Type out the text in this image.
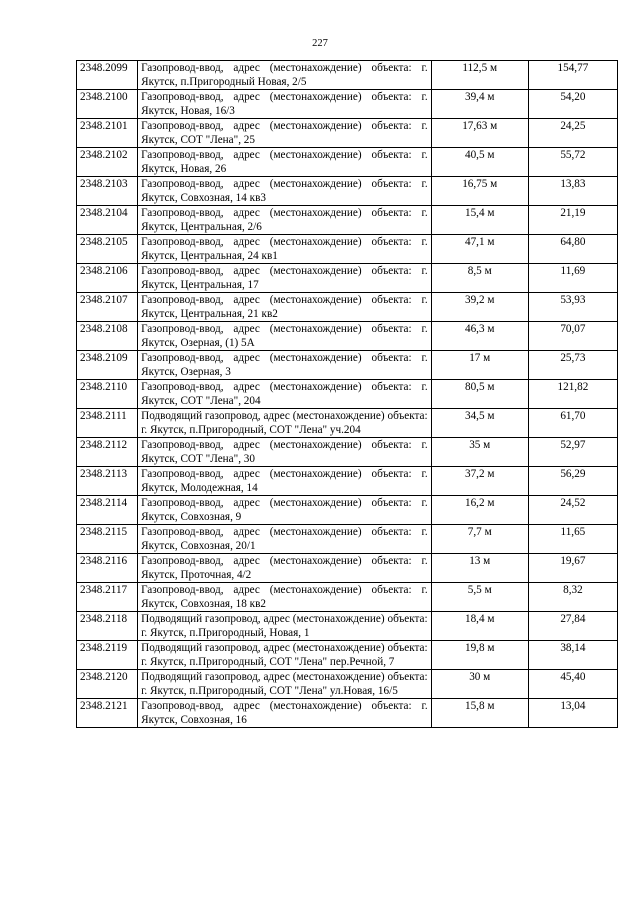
227
2348.2099	Газопровод-ввод, адрес (местонахождение) объекта: г. Якутск, п.Пригородный Новая, 2/5	112,5 м	154,77
2348.2100	Газопровод-ввод, адрес (местонахождение) объекта: г. Якутск, Новая, 16/3	39,4 м	54,20
2348.2101	Газопровод-ввод, адрес (местонахождение) объекта: г. Якутск, СОТ "Лена", 25	17,63 м	24,25
2348.2102	Газопровод-ввод, адрес (местонахождение) объекта: г. Якутск, Новая, 26	40,5 м	55,72
2348.2103	Газопровод-ввод, адрес (местонахождение) объекта: г. Якутск, Совхозная, 14 кв3	16,75 м	13,83
2348.2104	Газопровод-ввод, адрес (местонахождение) объекта: г. Якутск, Центральная, 2/6	15,4 м	21,19
2348.2105	Газопровод-ввод, адрес (местонахождение) объекта: г. Якутск, Центральная, 24 кв1	47,1 м	64,80
2348.2106	Газопровод-ввод, адрес (местонахождение) объекта: г. Якутск, Центральная, 17	8,5 м	11,69
2348.2107	Газопровод-ввод, адрес (местонахождение) объекта: г. Якутск, Центральная, 21 кв2	39,2 м	53,93
2348.2108	Газопровод-ввод, адрес (местонахождение) объекта: г. Якутск, Озерная, (1) 5А	46,3 м	70,07
2348.2109	Газопровод-ввод, адрес (местонахождение) объекта: г. Якутск, Озерная, 3	17 м	25,73
2348.2110	Газопровод-ввод, адрес (местонахождение) объекта: г. Якутск, СОТ "Лена", 204	80,5 м	121,82
2348.2111	Подводящий газопровод, адрес (местонахождение) объекта: г. Якутск, п.Пригородный, СОТ "Лена" уч.204	34,5 м	61,70
2348.2112	Газопровод-ввод, адрес (местонахождение) объекта: г. Якутск, СОТ "Лена", 30	35 м	52,97
2348.2113	Газопровод-ввод, адрес (местонахождение) объекта: г. Якутск, Молодежная, 14	37,2 м	56,29
2348.2114	Газопровод-ввод, адрес (местонахождение) объекта: г. Якутск, Совхозная, 9	16,2 м	24,52
2348.2115	Газопровод-ввод, адрес (местонахождение) объекта: г. Якутск, Совхозная, 20/1	7,7 м	11,65
2348.2116	Газопровод-ввод, адрес (местонахождение) объекта: г. Якутск, Проточная, 4/2	13 м	19,67
2348.2117	Газопровод-ввод, адрес (местонахождение) объекта: г. Якутск, Совхозная, 18 кв2	5,5 м	8,32
2348.2118	Подводящий газопровод, адрес (местонахождение) объекта: г. Якутск, п.Пригородный, Новая, 1	18,4 м	27,84
2348.2119	Подводящий газопровод, адрес (местонахождение) объекта: г. Якутск, п.Пригородный, СОТ "Лена" пер.Речной, 7	19,8 м	38,14
2348.2120	Подводящий газопровод, адрес (местонахождение) объекта: г. Якутск, п.Пригородный, СОТ "Лена" ул.Новая, 16/5	30 м	45,40
2348.2121	Газопровод-ввод, адрес (местонахождение) объекта: г. Якутск, Совхозная, 16	15,8 м	13,04
